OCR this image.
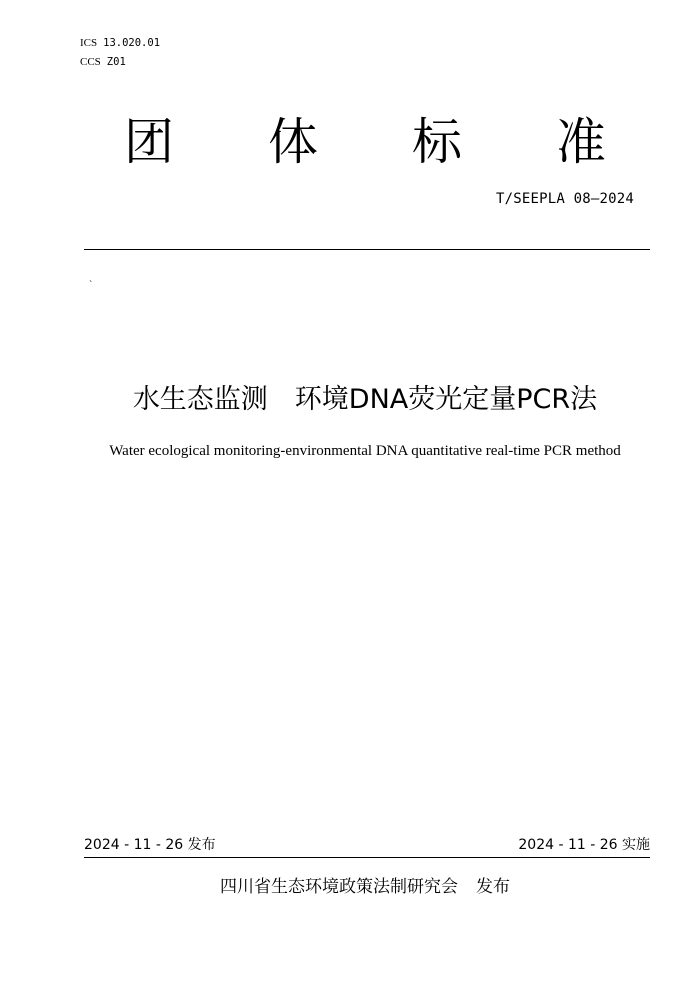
ICS 13.020.01
CCS Z01
团 体 标 准
T/SEEPLA 08—2024
`
水生态监测　环境DNA荧光定量PCR法
Water ecological monitoring-environmental DNA quantitative real-time PCR method
2024 - 11 - 26 发布	2024 - 11 - 26 实施
四川省生态环境政策法制研究会 发布
